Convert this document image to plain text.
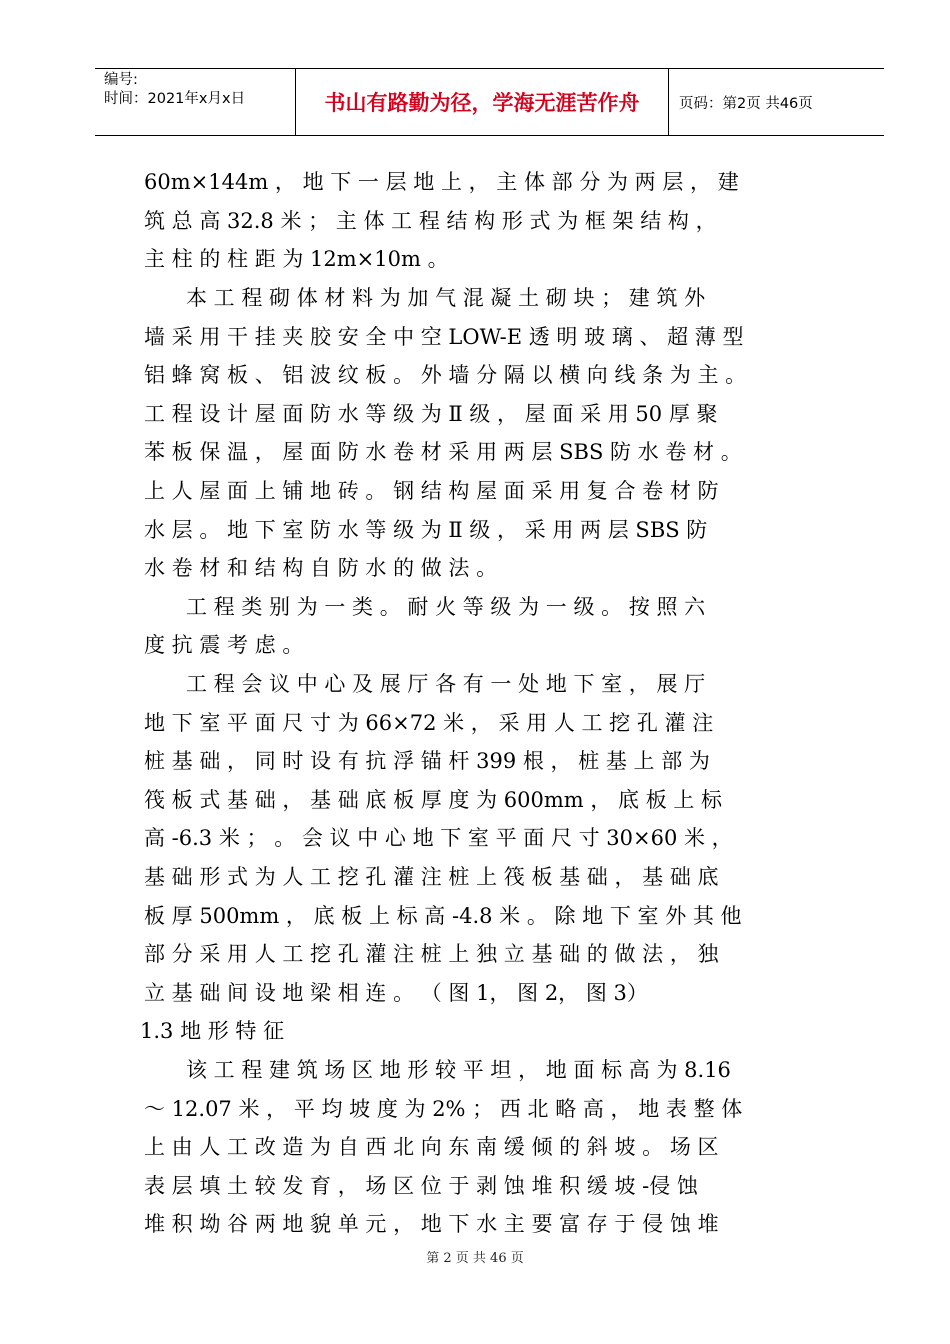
编号:
时间：2021年x月x日	书山有路勤为径，学海无涯苦作舟	页码：第2页 共46页
60m×144m ， 地 下 一 层 地 上 ， 主 体 部 分 为 两 层 ， 建
筑 总 高 32.8 米 ； 主 体 工 程 结 构 形 式 为 框 架 结 构 ，
主 柱 的 柱 距 为 12m×10m 。
本 工 程 砌 体 材 料 为 加 气 混 凝 土 砌 块 ； 建 筑 外
墙 采 用 干 挂 夹 胶 安 全 中 空 LOW-E 透 明 玻 璃 、 超 薄 型
铝 蜂 窝 板 、 铝 波 纹 板 。 外 墙 分 隔 以 横 向 线 条 为 主 。
工 程 设 计 屋 面 防 水 等 级 为 Ⅱ 级 ， 屋 面 采 用 50 厚 聚
苯 板 保 温 ， 屋 面 防 水 卷 材 采 用 两 层 SBS 防 水 卷 材 。
上 人 屋 面 上 铺 地 砖 。 钢 结 构 屋 面 采 用 复 合 卷 材 防
水 层 。 地 下 室 防 水 等 级 为 Ⅱ 级 ， 采 用 两 层 SBS 防
水 卷 材 和 结 构 自 防 水 的 做 法 。
工 程 类 别 为 一 类 。 耐 火 等 级 为 一 级 。 按 照 六
度 抗 震 考 虑 。
工 程 会 议 中 心 及 展 厅 各 有 一 处 地 下 室 ， 展 厅
地 下 室 平 面 尺 寸 为 66×72 米 ， 采 用 人 工 挖 孔 灌 注
桩 基 础 ， 同 时 设 有 抗 浮 锚 杆 399 根 ， 桩 基 上 部 为
筏 板 式 基 础 ， 基 础 底 板 厚 度 为 600mm ， 底 板 上 标
高 -6.3 米 ； 。 会 议 中 心 地 下 室 平 面 尺 寸 30×60 米 ，
基 础 形 式 为 人 工 挖 孔 灌 注 桩 上 筏 板 基 础 ， 基 础 底
板 厚 500mm ， 底 板 上 标 高 -4.8 米 。 除 地 下 室 外 其 他
部 分 采 用 人 工 挖 孔 灌 注 桩 上 独 立 基 础 的 做 法 ， 独
立 基 础 间 设 地 梁 相 连 。 （ 图 1， 图 2， 图 3）
1.3 地 形 特 征
该 工 程 建 筑 场 区 地 形 较 平 坦 ， 地 面 标 高 为 8.16
～ 12.07 米 ， 平 均 坡 度 为 2% ； 西 北 略 高 ， 地 表 整 体
上 由 人 工 改 造 为 自 西 北 向 东 南 缓 倾 的 斜 坡 。 场 区
表 层 填 土 较 发 育 ， 场 区 位 于 剥 蚀 堆 积 缓 坡 -侵 蚀
堆 积 坳 谷 两 地 貌 单 元 ， 地 下 水 主 要 富 存 于 侵 蚀 堆
第 2 页 共 46 页
